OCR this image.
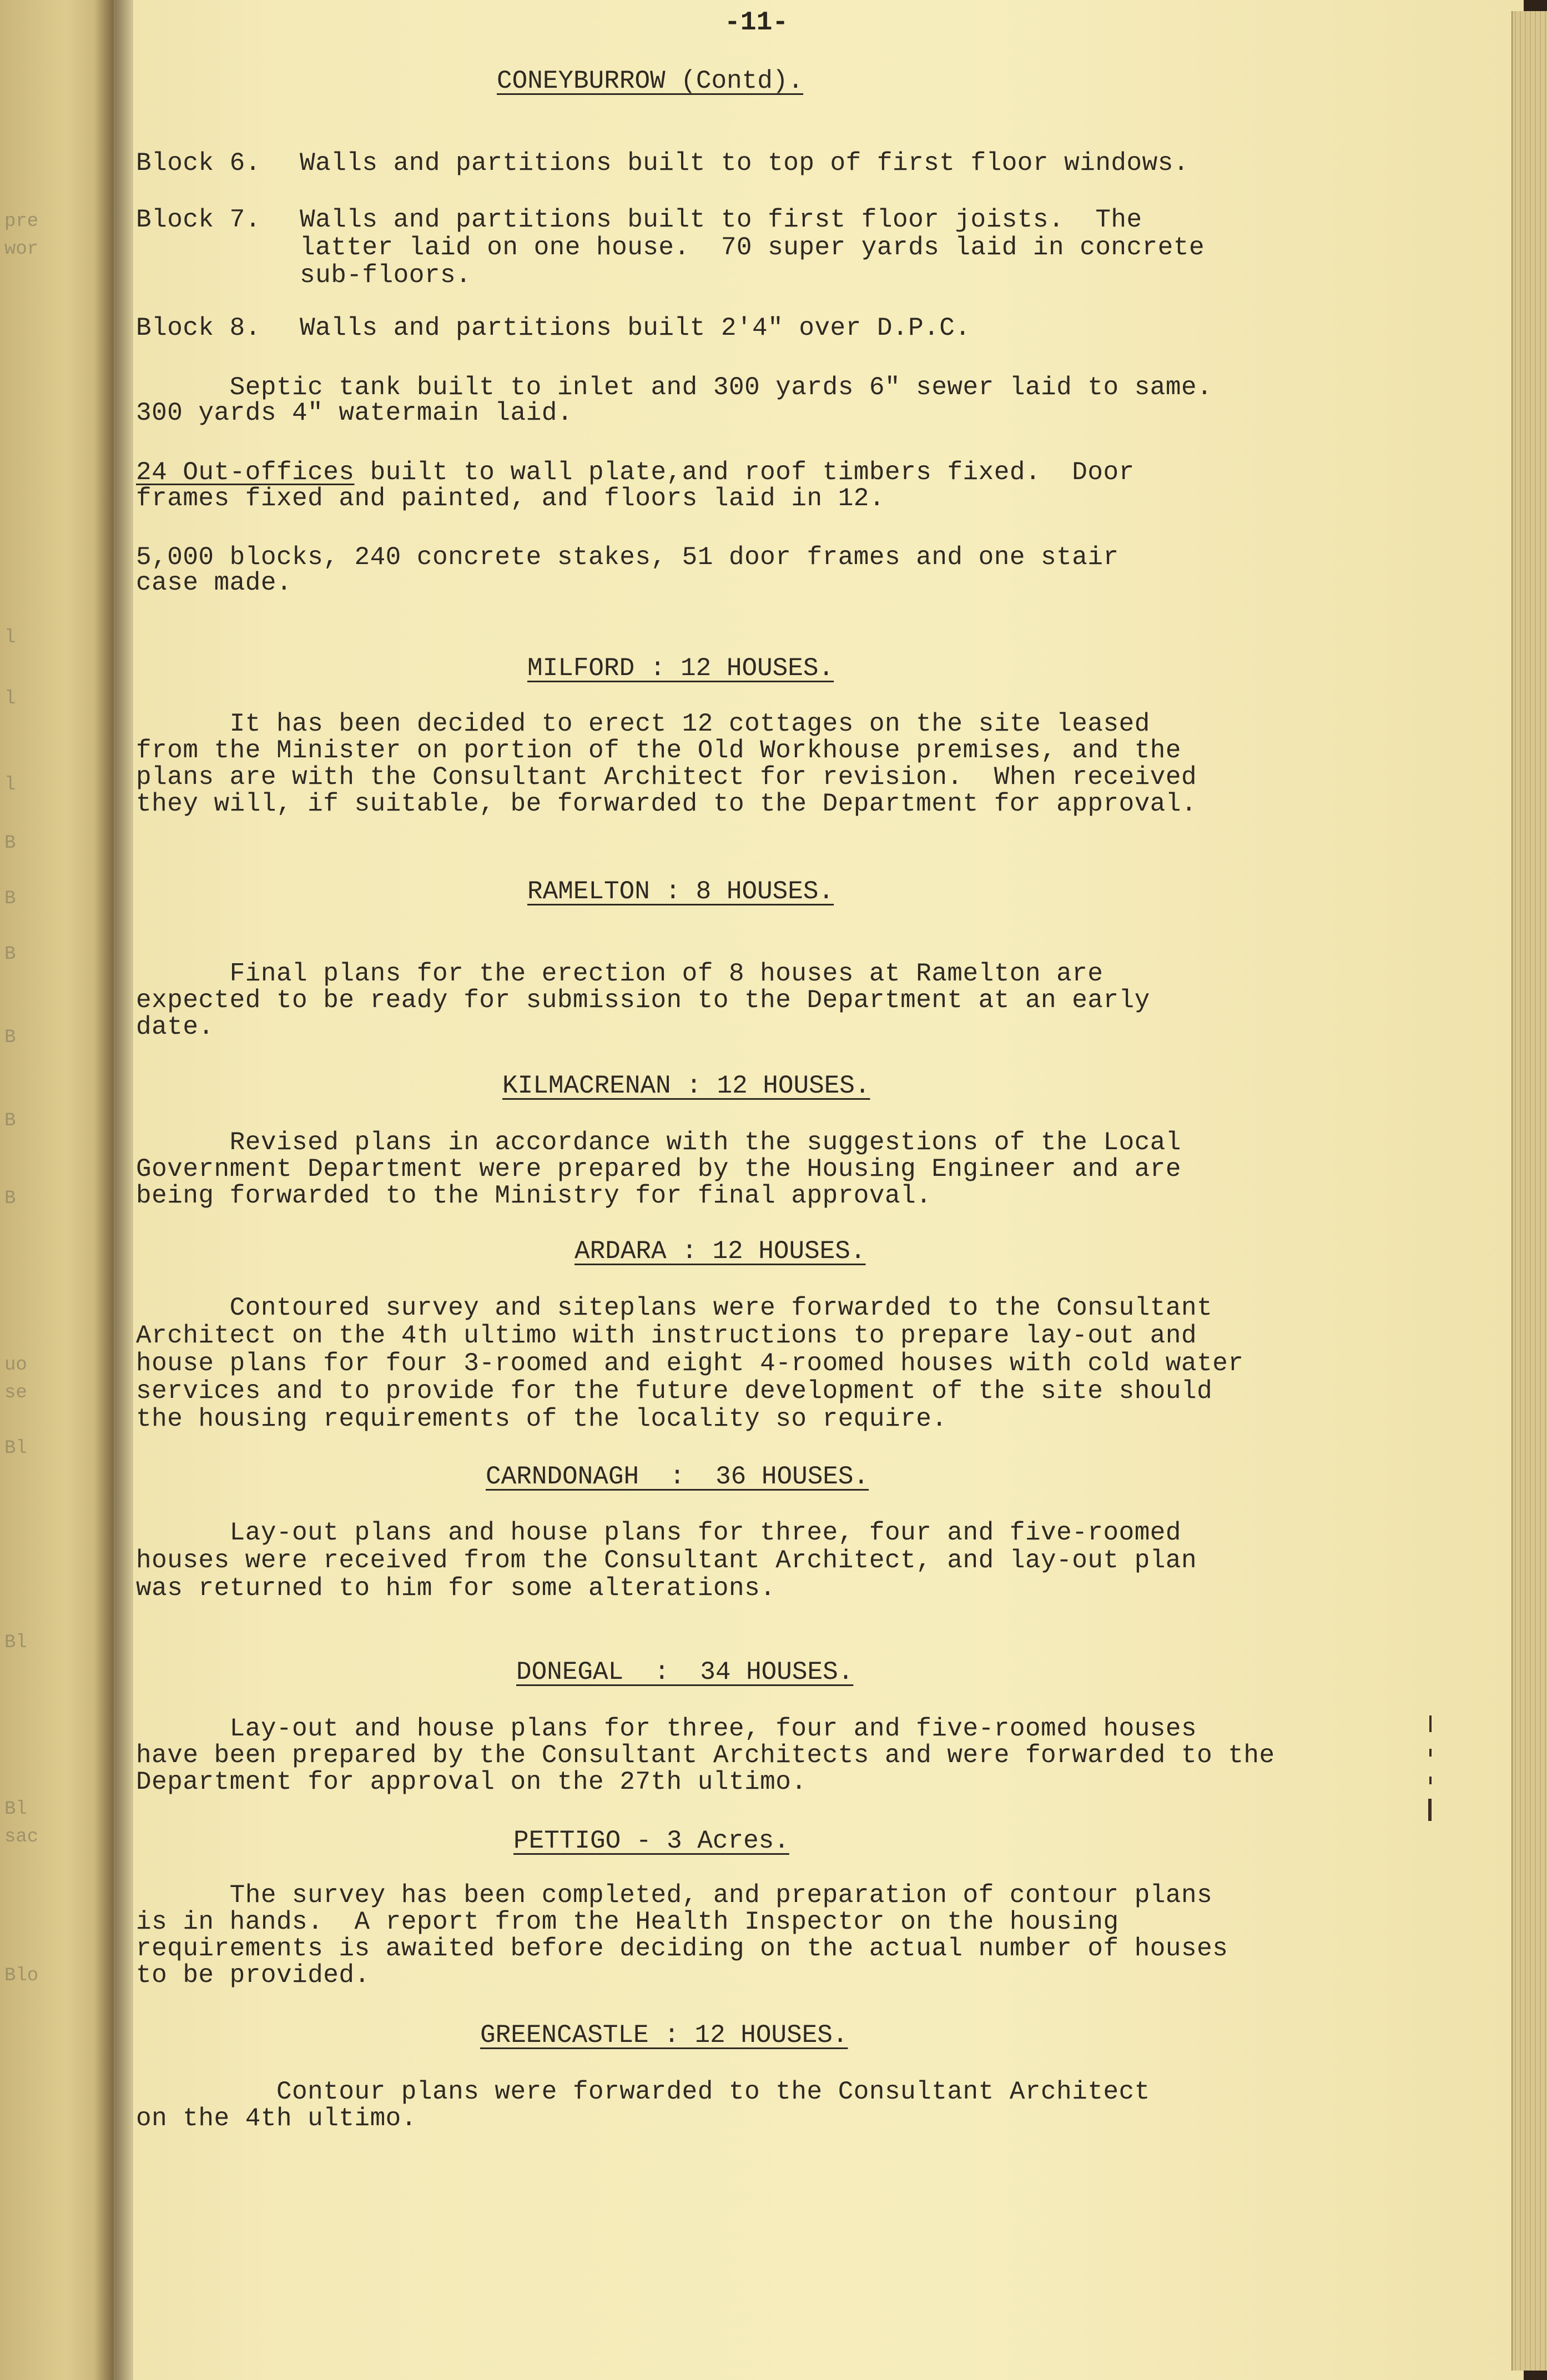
pre
wor
l
l
l
B
B
B
B
B
B
uo
se
Bl
Bl
Bl
sac
Blo
-11-
CONEYBURROW (Contd).
Block 6. Walls and partitions built to top of first floor windows.
Block 7. Walls and partitions built to first floor joists.  The
latter laid on one house.  70 super yards laid in concrete
sub-floors.
Block 8. Walls and partitions built 2'4" over D.P.C.
Septic tank built to inlet and 300 yards 6" sewer laid to same.
300 yards 4" watermain laid.
24 Out-offices built to wall plate,and roof timbers fixed.  Door
frames fixed and painted, and floors laid in 12.
5,000 blocks, 240 concrete stakes, 51 door frames and one stair
case made.
MILFORD : 12 HOUSES.
It has been decided to erect 12 cottages on the site leased
from the Minister on portion of the Old Workhouse premises, and the
plans are with the Consultant Architect for revision.  When received
they will, if suitable, be forwarded to the Department for approval.
RAMELTON : 8 HOUSES.
Final plans for the erection of 8 houses at Ramelton are
expected to be ready for submission to the Department at an early
date.
KILMACRENAN : 12 HOUSES.
Revised plans in accordance with the suggestions of the Local
Government Department were prepared by the Housing Engineer and are
being forwarded to the Ministry for final approval.
ARDARA : 12 HOUSES.
Contoured survey and siteplans were forwarded to the Consultant
Architect on the 4th ultimo with instructions to prepare lay-out and
house plans for four 3-roomed and eight 4-roomed houses with cold water
services and to provide for the future development of the site should
the housing requirements of the locality so require.
CARNDONAGH  :  36 HOUSES.
Lay-out plans and house plans for three, four and five-roomed
houses were received from the Consultant Architect, and lay-out plan
was returned to him for some alterations.
DONEGAL  :  34 HOUSES.
Lay-out and house plans for three, four and five-roomed houses
have been prepared by the Consultant Architects and were forwarded to the
Department for approval on the 27th ultimo.
PETTIGO - 3 Acres.
The survey has been completed, and preparation of contour plans
is in hands.  A report from the Health Inspector on the housing
requirements is awaited before deciding on the actual number of houses
to be provided.
GREENCASTLE : 12 HOUSES.
Contour plans were forwarded to the Consultant Architect
on the 4th ultimo.
